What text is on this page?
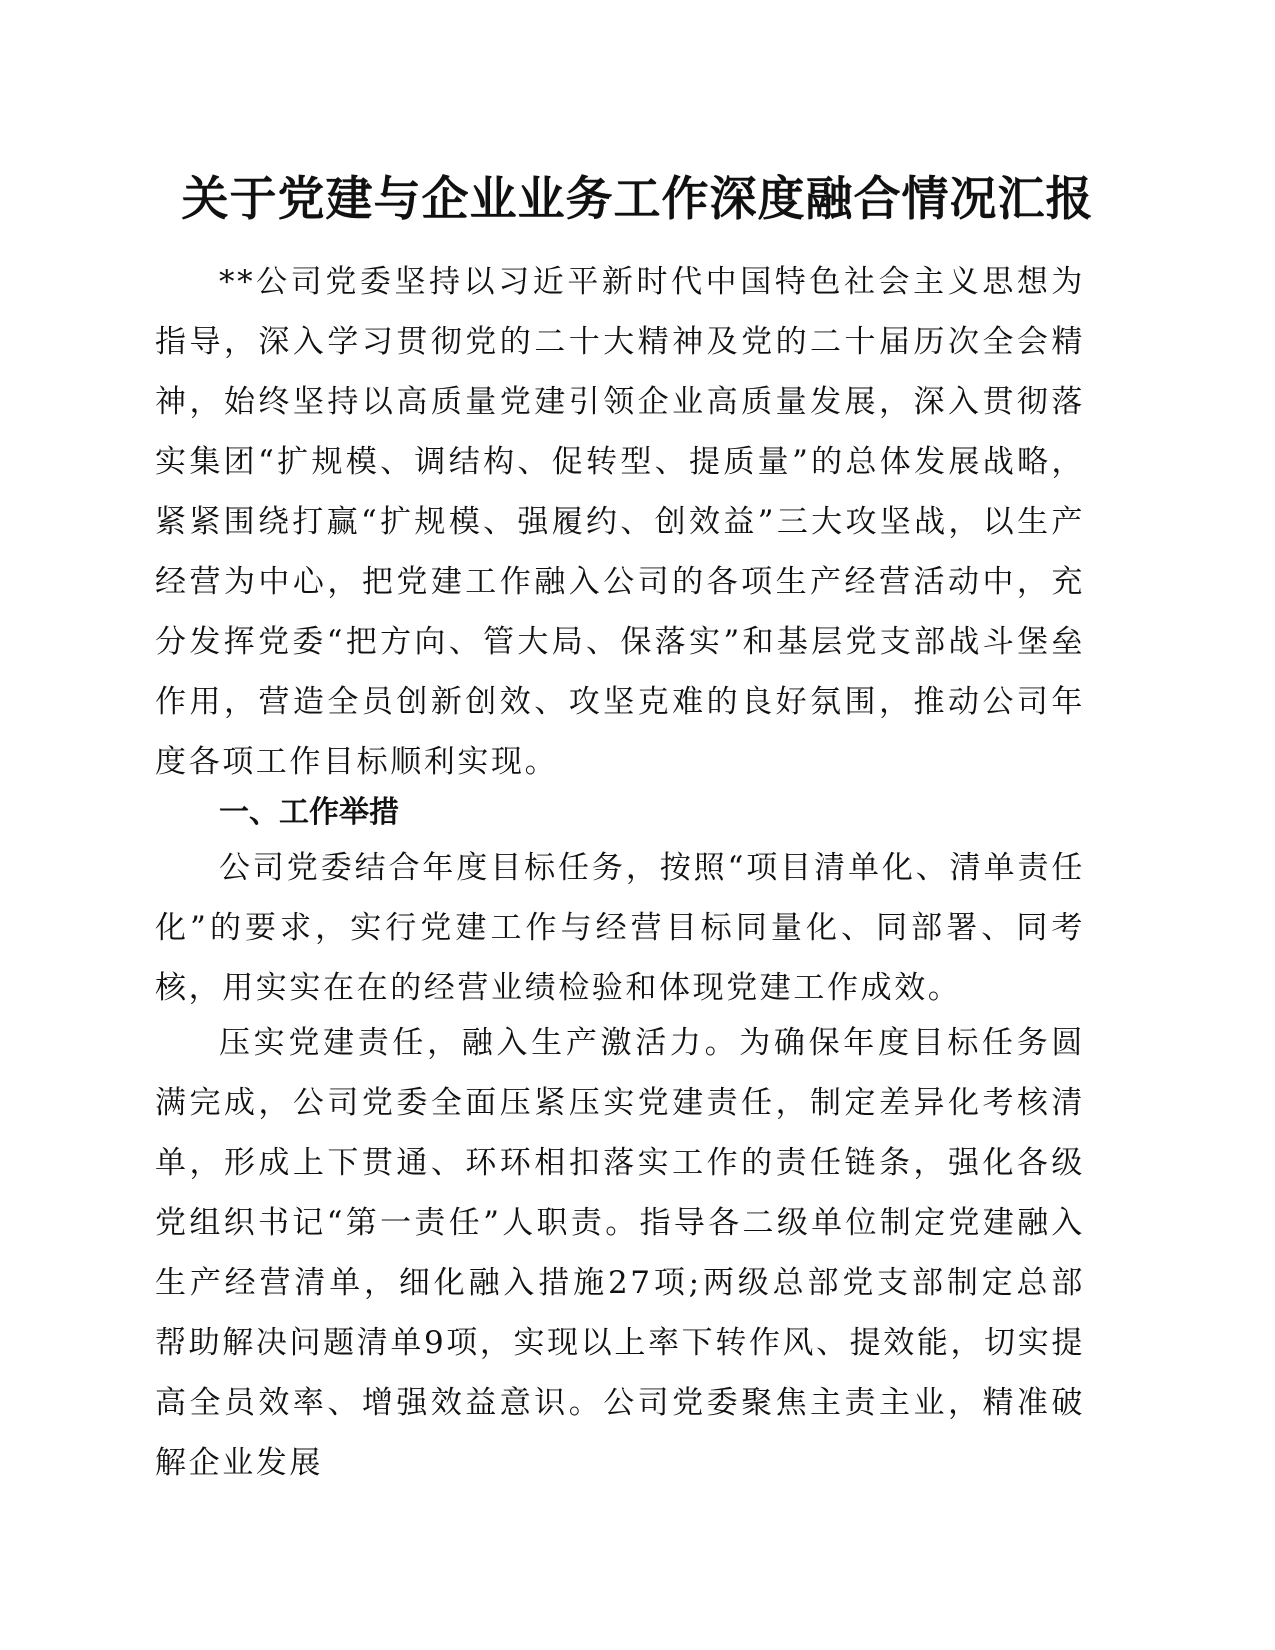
关于党建与企业业务工作深度融合情况汇报

**公司党委坚持以习近平新时代中国特色社会主义思想为指导，深入学习贯彻党的二十大精神及党的二十届历次全会精神，始终坚持以高质量党建引领企业高质量发展，深入贯彻落实集团“扩规模、调结构、促转型、提质量”的总体发展战略，紧紧围绕打赢“扩规模、强履约、创效益”三大攻坚战，以生产经营为中心，把党建工作融入公司的各项生产经营活动中，充分发挥党委“把方向、管大局、保落实”和基层党支部战斗堡垒作用，营造全员创新创效、攻坚克难的良好氛围，推动公司年度各项工作目标顺利实现。

一、工作举措

公司党委结合年度目标任务，按照“项目清单化、清单责任化”的要求，实行党建工作与经营目标同量化、同部署、同考核，用实实在在的经营业绩检验和体现党建工作成效。

压实党建责任，融入生产激活力。为确保年度目标任务圆满完成，公司党委全面压紧压实党建责任，制定差异化考核清单，形成上下贯通、环环相扣落实工作的责任链条，强化各级党组织书记“第一责任”人职责。指导各二级单位制定党建融入生产经营清单，细化融入措施27项;两级总部党支部制定总部帮助解决问题清单9项，实现以上率下转作风、提效能，切实提高全员效率、增强效益意识。公司党委聚焦主责主业，精准破解企业发展
